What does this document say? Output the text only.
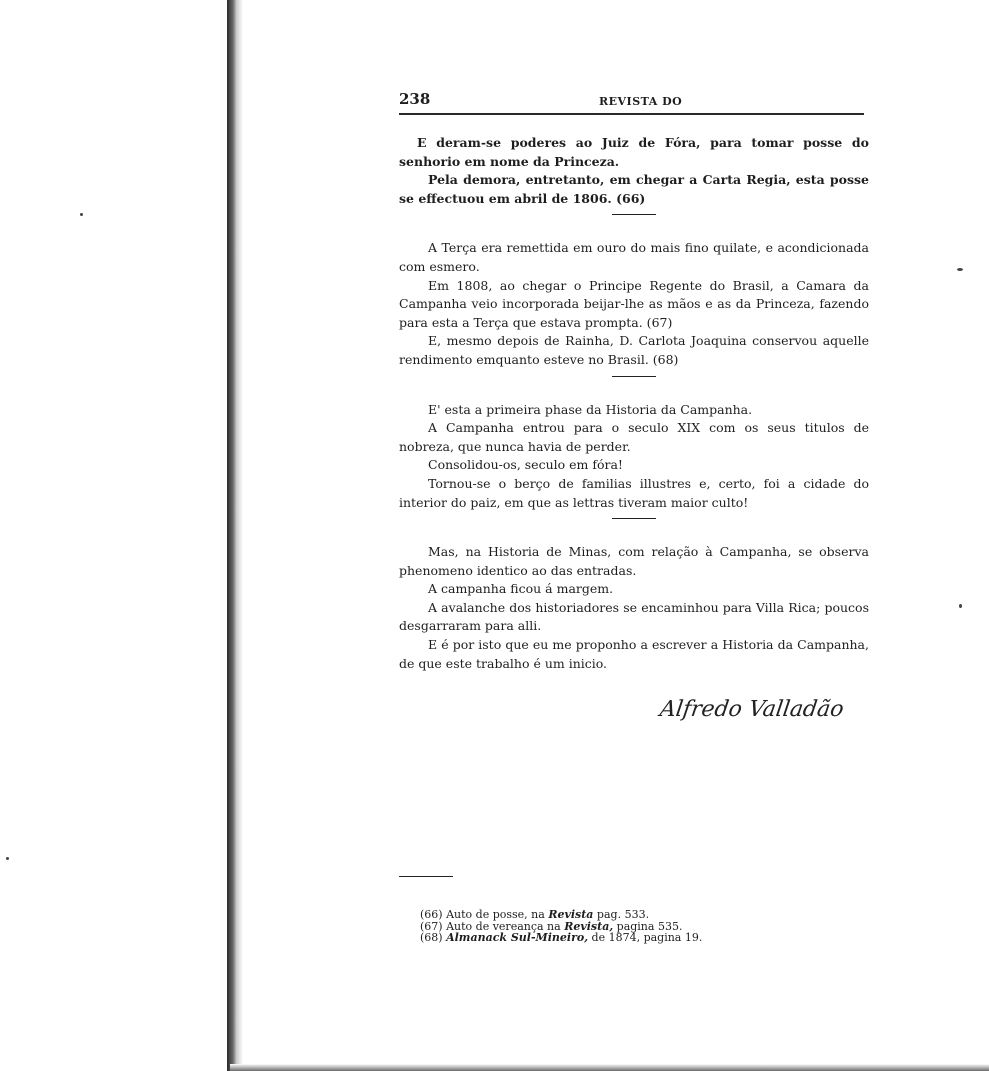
238	REVISTA DO

E deram-se poderes ao Juiz de Fóra, para tomar posse do senhorio em nome da Princeza.

Pela demora, entretanto, em chegar a Carta Regia, esta posse se effectuou em abril de 1806. (66)

A Terça era remettida em ouro do mais fino quilate, e acondicionada com esmero.

Em 1808, ao chegar o Principe Regente do Brasil, a Camara da Campanha veio incorporada beijar-lhe as mãos e as da Princeza, fazendo para esta a Terça que estava prompta. (67)

E, mesmo depois de Rainha, D. Carlota Joaquina conservou aquelle rendimento emquanto esteve no Brasil. (68)

E' esta a primeira phase da Historia da Campanha.

A Campanha entrou para o seculo XIX com os seus titulos de nobreza, que nunca havia de perder.

Consolidou-os, seculo em fóra!

Tornou-se o berço de familias illustres e, certo, foi a cidade do interior do paiz, em que as lettras tiveram maior culto!

Mas, na Historia de Minas, com relação à Campanha, se observa phenomeno identico ao das entradas.

A campanha ficou á margem.

A avalanche dos historiadores se encaminhou para Villa Rica; poucos desgarraram para alli.

E é por isto que eu me proponho a escrever a Historia da Campanha, de que este trabalho é um inicio.

Alfredo Valladão
(66) Auto de posse, na Revista pag. 533.
(67) Auto de vereança na Revista, pagina 535.
(68) Almanack Sul-Mineiro, de 1874, pagina 19.
